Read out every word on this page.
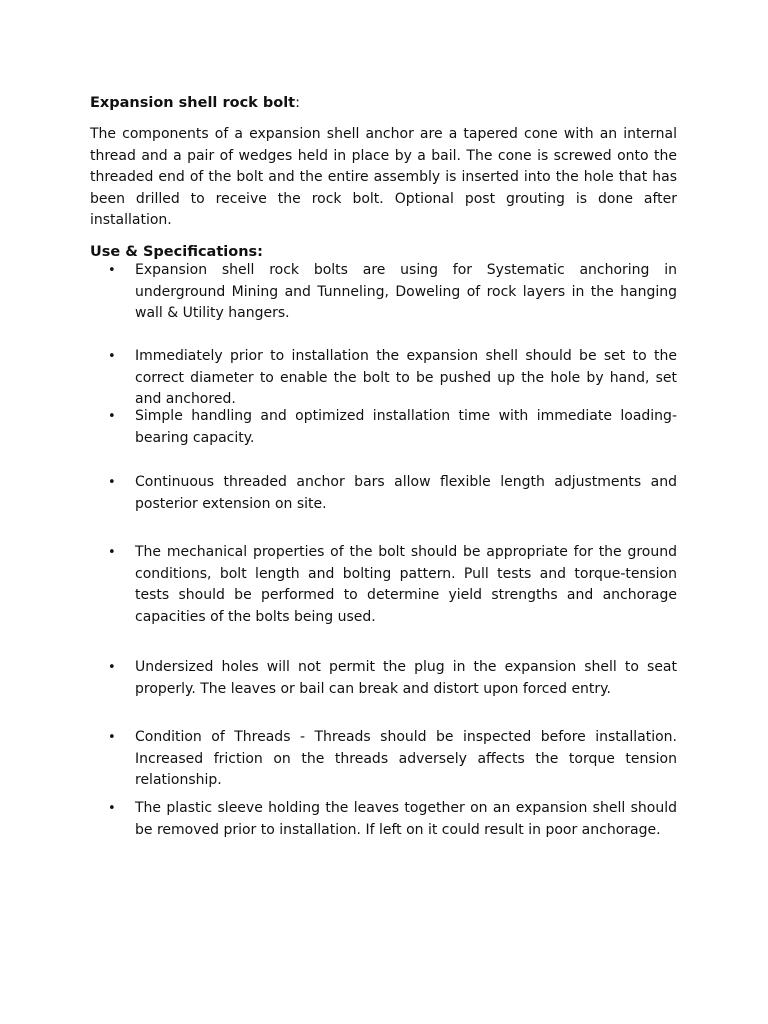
Expansion shell rock bolt:

The components of a expansion shell anchor are a tapered cone with an internal thread and a pair of wedges held in place by a bail. The cone is screwed onto the threaded end of the bolt and the entire assembly is inserted into the hole that has been drilled to receive the rock bolt. Optional post grouting is done after installation.

Use & Specifications:
• Expansion shell rock bolts are using for Systematic anchoring in underground Mining and Tunneling, Doweling of rock layers in the hanging wall & Utility hangers.
• Immediately prior to installation the expansion shell should be set to the correct diameter to enable the bolt to be pushed up the hole by hand, set and anchored.
• Simple handling and optimized installation time with immediate loading-bearing capacity.
• Continuous threaded anchor bars allow flexible length adjustments and posterior extension on site.
• The mechanical properties of the bolt should be appropriate for the ground conditions, bolt length and bolting pattern. Pull tests and torque-tension tests should be performed to determine yield strengths and anchorage capacities of the bolts being used.
• Undersized holes will not permit the plug in the expansion shell to seat properly. The leaves or bail can break and distort upon forced entry.
• Condition of Threads - Threads should be inspected before installation. Increased friction on the threads adversely affects the torque tension relationship.
• The plastic sleeve holding the leaves together on an expansion shell should be removed prior to installation. If left on it could result in poor anchorage.
